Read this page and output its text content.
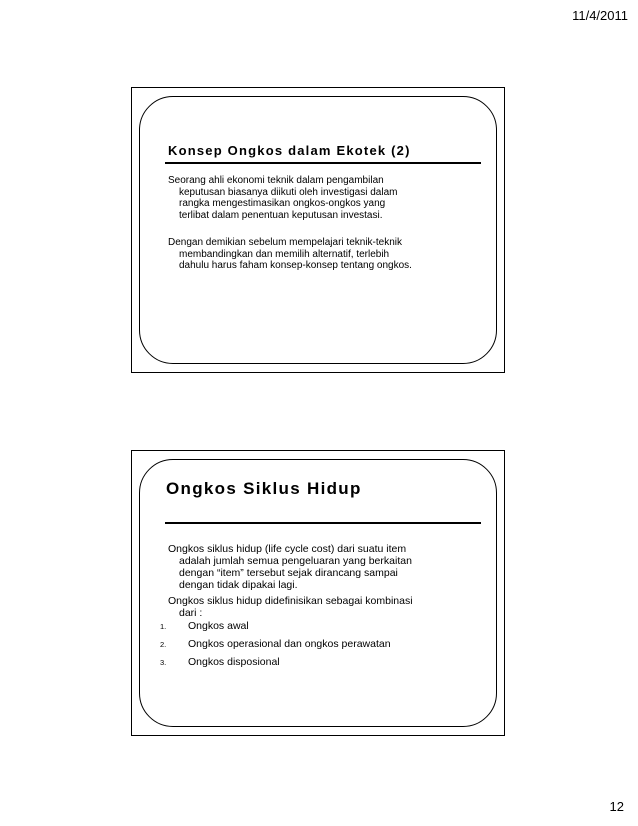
11/4/2011
Konsep Ongkos dalam Ekotek (2)
Seorang ahli ekonomi teknik dalam pengambilan
keputusan biasanya diikuti oleh investigasi dalam
rangka mengestimasikan ongkos-ongkos yang
terlibat dalam penentuan keputusan investasi.
Dengan demikian sebelum mempelajari teknik-teknik
membandingkan dan memilih alternatif, terlebih
dahulu harus faham konsep-konsep tentang ongkos.
Ongkos Siklus Hidup
Ongkos siklus hidup (life cycle cost) dari suatu item
adalah jumlah semua pengeluaran yang berkaitan
dengan “item” tersebut sejak dirancang sampai
dengan tidak dipakai lagi.
Ongkos siklus hidup didefinisikan sebagai kombinasi
dari :
1.	Ongkos awal
2.	Ongkos operasional dan ongkos perawatan
3.	Ongkos disposional
12
